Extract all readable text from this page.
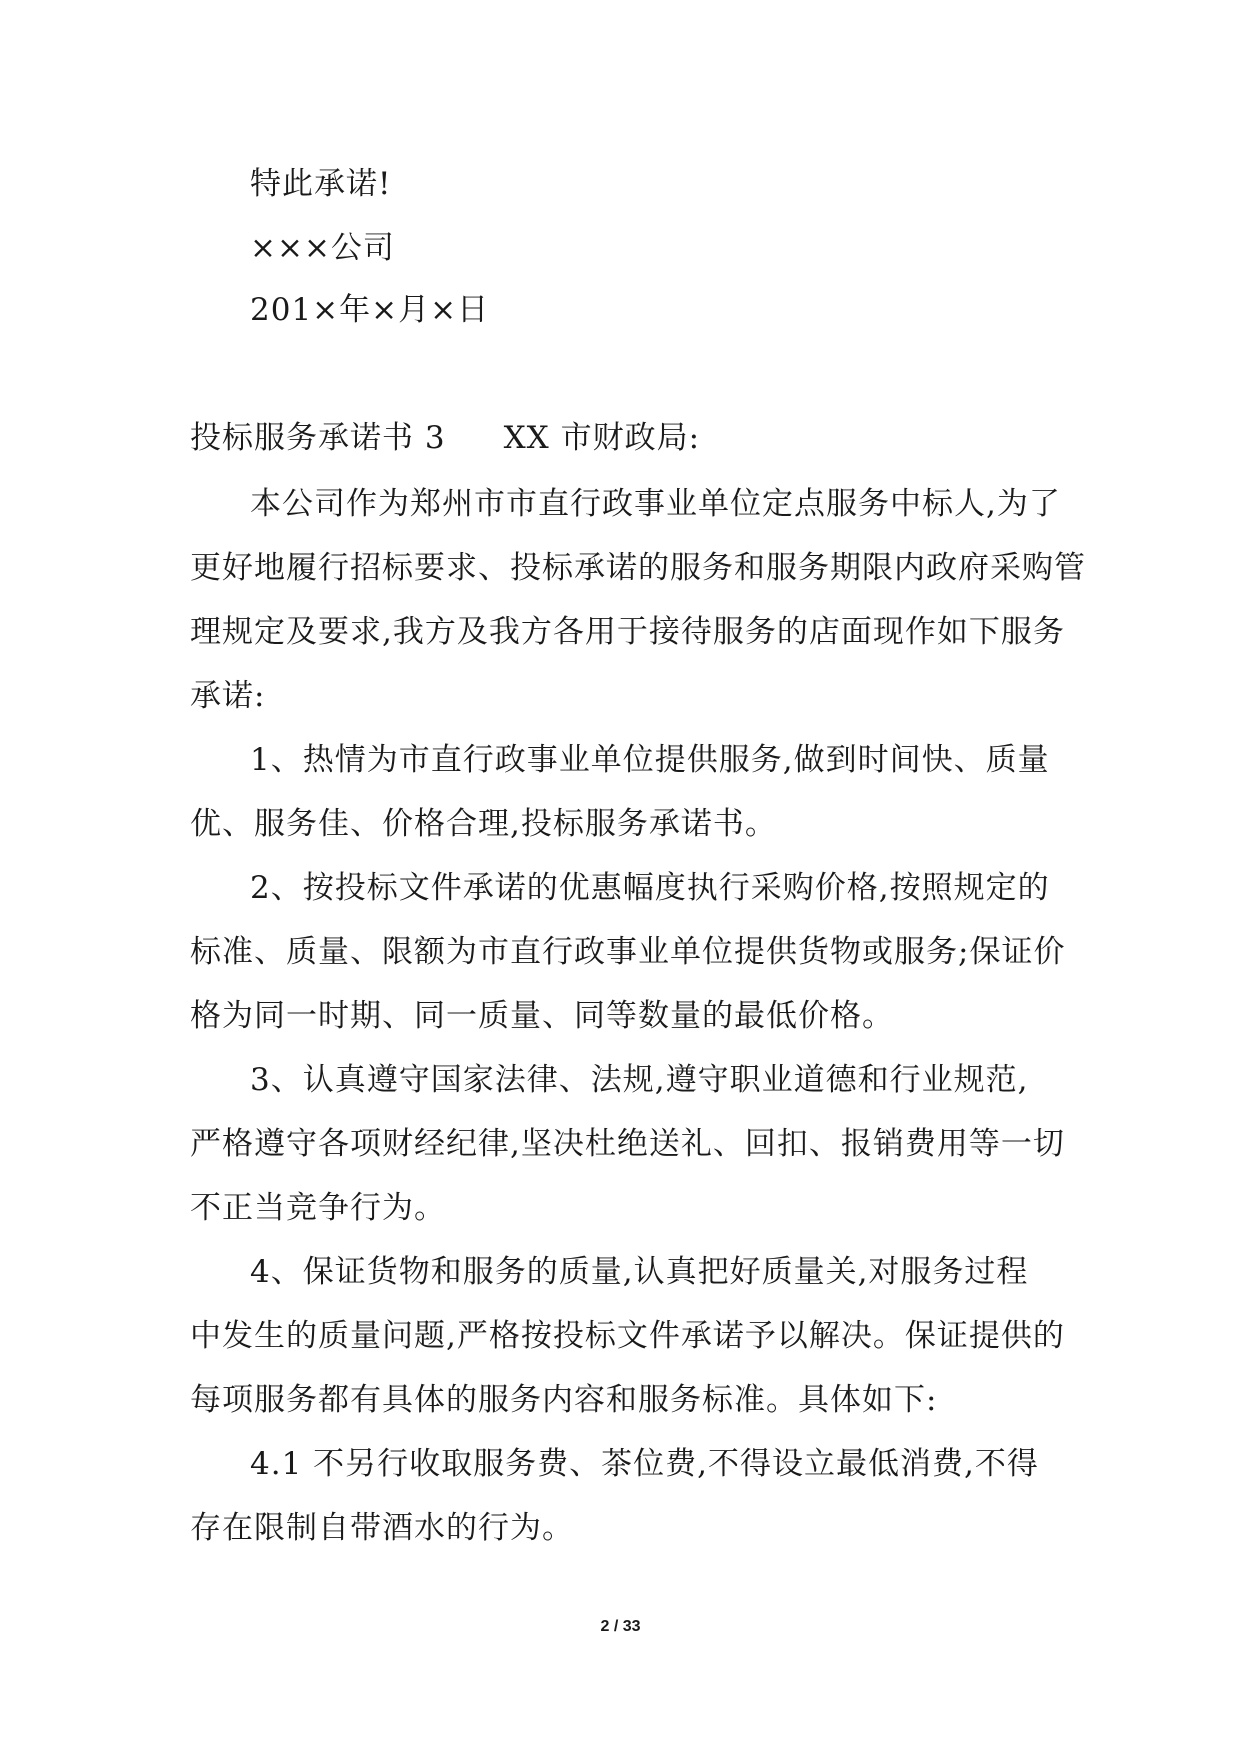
特此承诺!
×××公司
201×年×月×日
投标服务承诺书 3 XX 市财政局:
本公司作为郑州市市直行政事业单位定点服务中标人,为了
更好地履行招标要求、投标承诺的服务和服务期限内政府采购管
理规定及要求,我方及我方各用于接待服务的店面现作如下服务
承诺:
1、热情为市直行政事业单位提供服务,做到时间快、质量
优、服务佳、价格合理,投标服务承诺书。
2、按投标文件承诺的优惠幅度执行采购价格,按照规定的
标准、质量、限额为市直行政事业单位提供货物或服务;保证价
格为同一时期、同一质量、同等数量的最低价格。
3、认真遵守国家法律、法规,遵守职业道德和行业规范,
严格遵守各项财经纪律,坚决杜绝送礼、回扣、报销费用等一切
不正当竞争行为。
4、保证货物和服务的质量,认真把好质量关,对服务过程
中发生的质量问题,严格按投标文件承诺予以解决。保证提供的
每项服务都有具体的服务内容和服务标准。具体如下:
4.1 不另行收取服务费、茶位费,不得设立最低消费,不得
存在限制自带酒水的行为。
2 / 33
